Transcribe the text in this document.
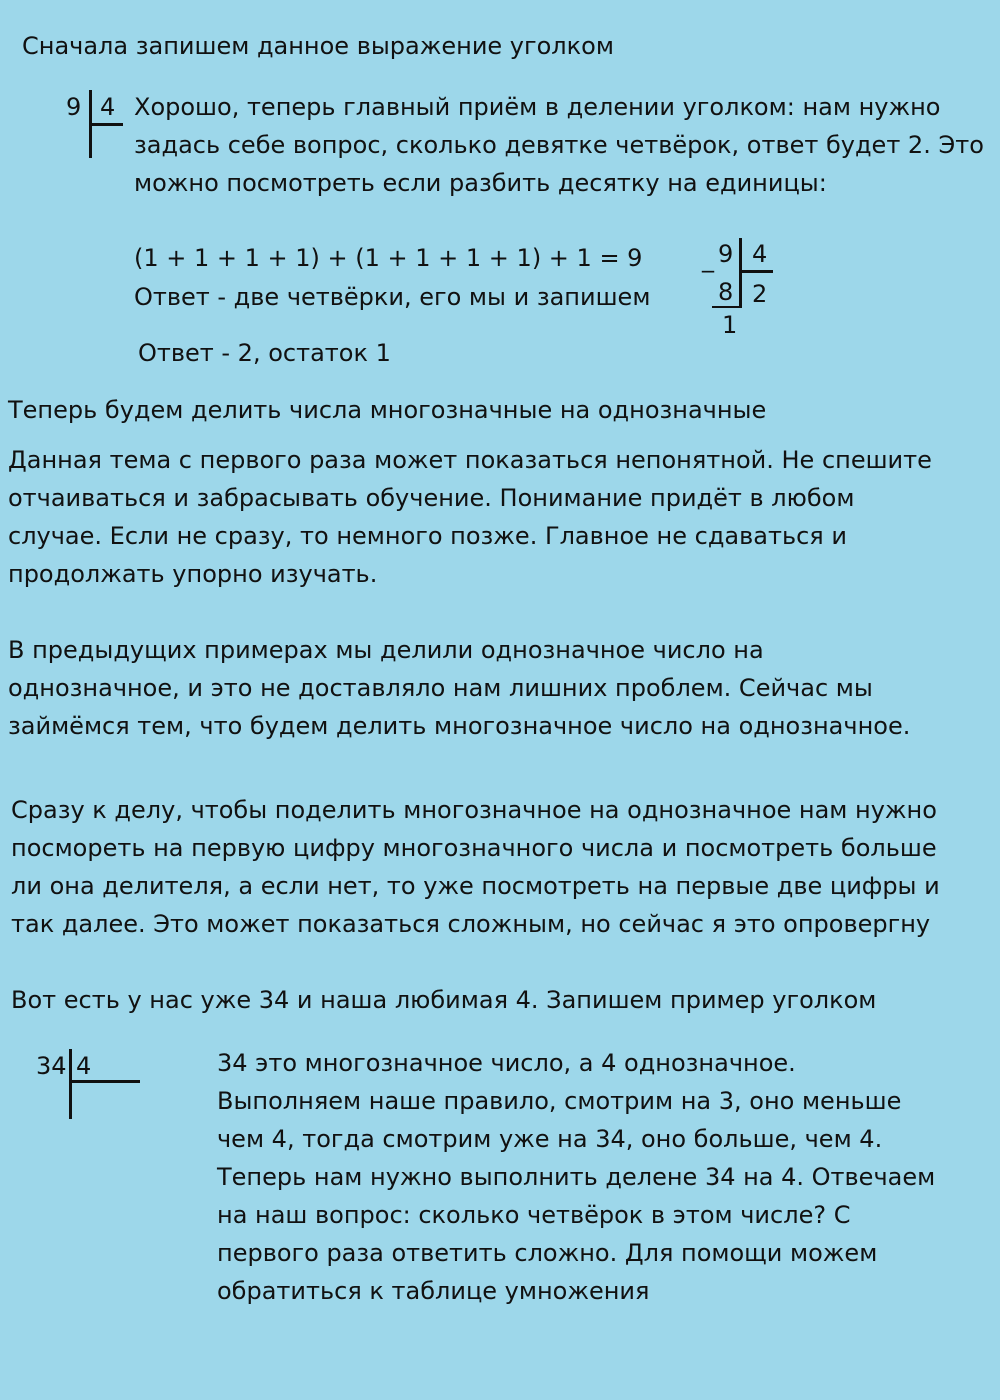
Сначала запишем данное выражение уголком

9 4 Хорошо, теперь главный приём в делении уголком: нам нужно
задась себе вопрос, сколько девятке четвёрок, ответ будет 2. Это
можно посмотреть если разбить десятку на единицы:

(1 + 1 + 1 + 1) + (1 + 1 + 1 + 1) + 1 = 9

Ответ - две четвёрки, его мы и запишем

_ 9 4
8 2
1

Ответ - 2, остаток 1

Теперь будем делить числа многозначные на однозначные

Данная тема с первого раза может показаться непонятной. Не спешите
отчаиваться и забрасывать обучение. Понимание придёт в любом
случае. Если не сразу, то немного позже. Главное не сдаваться и
продолжать упорно изучать.
В предыдущих примерах мы делили однозначное число на
однозначное, и это не доставляло нам лишних проблем. Сейчас мы
займёмся тем, что будем делить многозначное число на однозначное.
Сразу к делу, чтобы поделить многозначное на однозначное нам нужно
посмореть на первую цифру многозначного числа и посмотреть больше
ли она делителя, а если нет, то уже посмотреть на первые две цифры и
так далее. Это может показаться сложным, но сейчас я это опровергну

Вот есть у нас уже 34 и наша любимая 4. Запишем пример уголком

34 4	34 это многозначное число, а 4 однозначное.
Выполняем наше правило, смотрим на 3, оно меньше
чем 4, тогда смотрим уже на 34, оно больше, чем 4.
Теперь нам нужно выполнить делене 34 на 4. Отвечаем
на наш вопрос: сколько четвёрок в этом числе? С
первого раза ответить сложно. Для помощи можем
обратиться к таблице умножения
